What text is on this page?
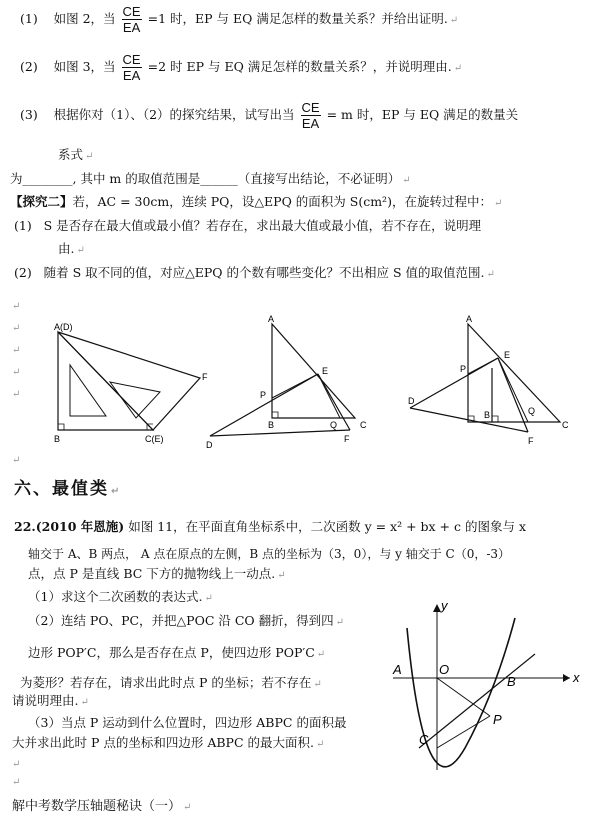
(1) 如图 2，当 $\frac{CE}{EA} =1$ 时，EP 与 EQ 满足怎样的数量关系？并给出证明. ↵
(2) 如图 3，当 $\frac{CE}{EA} =2$ 时 EP 与 EQ 满足怎样的数量关系？，并说明理由. ↵
(3) 根据你对（1）、（2）的探究结果，试写出当 $\frac{CE}{EA} = m$ 时，EP 与 EQ 满足的数量关
系式 ↵
为________, 其中 m 的取值范围是______（直接写出结论，不必证明） ↵
【探究二】若，AC = 30cm，连续 PQ，设△EPQ 的面积为 S(cm²)，在旋转过程中： ↵
(1) S 是否存在最大值或最小值？若存在，求出最大值或最小值，若不存在，说明理
由. ↵
(2) 随着 S 取不同的值，对应△EPQ 的个数有哪些变化？不出相应 S 值的取值范围. ↵
↵
↵
↵
↵
↵
↵
A(D)
F
B	C(E)
A
E
P
B	Q	C
D
F
A
E
P
D
B	Q
C
F
六、最值类 ↵
22.(2010 年恩施) 如图 11，在平面直角坐标系中，二次函数 y = x² + bx + c 的图象与 x
轴交于 A、B 两点， A 点在原点的左侧，B 点的坐标为（3，0），与 y 轴交于 C（0，-3）
点，点 P 是直线 BC 下方的抛物线上一动点. ↵
（1）求这个二次函数的表达式. ↵
（2）连结 PO、PC，并把△POC 沿 CO 翻折，得到四 ↵
边形 POP′C，那么是否存在点 P，使四边形 POP′C ↵
为菱形？若存在，请求出此时点 P 的坐标；若不存在 ↵
请说明理由. ↵
（3）当点 P 运动到什么位置时，四边形 ABPC 的面积最
大并求出此时 P 点的坐标和四边形 ABPC 的最大面积. ↵
↵
↵
y
x
A	O
B
C
P
解中考数学压轴题秘诀（一） ↵
